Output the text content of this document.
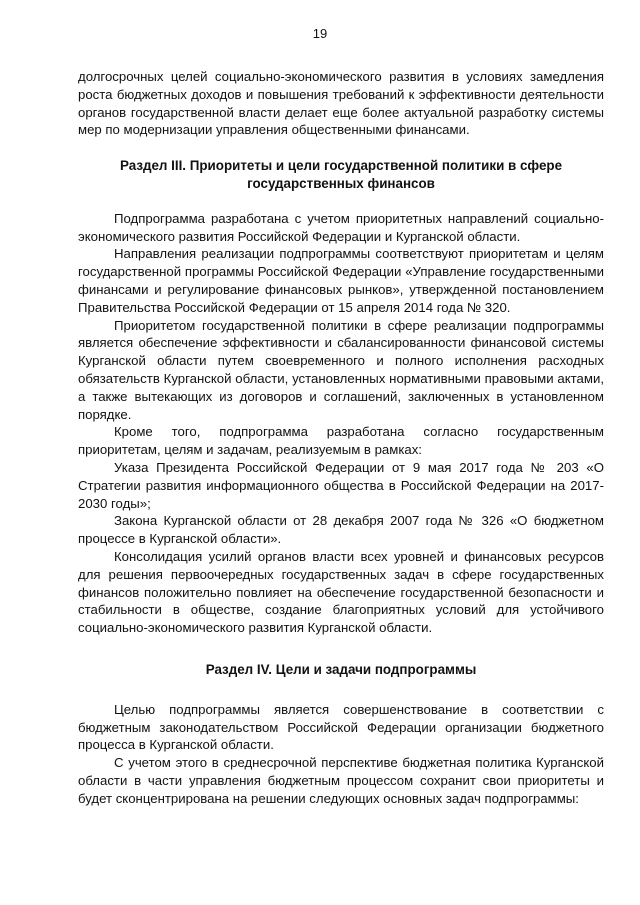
19

долгосрочных целей социально-экономического развития в условиях замедления роста бюджетных доходов и повышения требований к эффективности деятельности органов государственной власти делает еще более актуальной разработку системы мер по модернизации управления общественными финансами.

Раздел III. Приоритеты и цели государственной политики в сфере государственных финансов

Подпрограмма разработана с учетом приоритетных направлений социально-экономического развития Российской Федерации и Курганской области.

Направления реализации подпрограммы соответствуют приоритетам и целям государственной программы Российской Федерации «Управление государственными финансами и регулирование финансовых рынков», утвержденной постановлением Правительства Российской Федерации от 15 апреля 2014 года № 320.

Приоритетом государственной политики в сфере реализации подпрограммы является обеспечение эффективности и сбалансированности финансовой системы Курганской области путем своевременного и полного исполнения расходных обязательств Курганской области, установленных нормативными правовыми актами, а также вытекающих из договоров и соглашений, заключенных в установленном порядке.

Кроме того, подпрограмма разработана согласно государственным приоритетам, целям и задачам, реализуемым в рамках:

Указа Президента Российской Федерации от 9 мая 2017 года № 203 «О Стратегии развития информационного общества в Российской Федерации на 2017-2030 годы»;

Закона Курганской области от 28 декабря 2007 года № 326 «О бюджетном процессе в Курганской области».

Консолидация усилий органов власти всех уровней и финансовых ресурсов для решения первоочередных государственных задач в сфере государственных финансов положительно повлияет на обеспечение государственной безопасности и стабильности в обществе, создание благоприятных условий для устойчивого социально-экономического развития Курганской области.

Раздел IV. Цели и задачи подпрограммы

Целью подпрограммы является совершенствование в соответствии с бюджетным законодательством Российской Федерации организации бюджетного процесса в Курганской области.

С учетом этого в среднесрочной перспективе бюджетная политика Курганской области в части управления бюджетным процессом сохранит свои приоритеты и будет сконцентрирована на решении следующих основных задач подпрограммы:
